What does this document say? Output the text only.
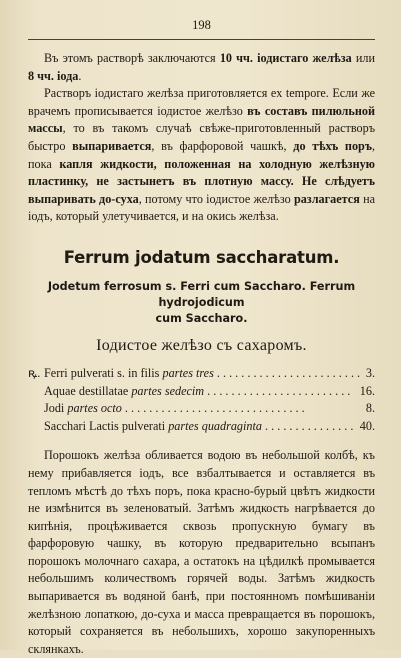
198

Въ этомъ растворѣ заключаются 10 чч. іодистаго желѣза или 8 чч. іода.

Растворъ іодистаго желѣза приготовляется ex tempore. Если же врачемъ прописывается іодистое желѣзо въ составъ пилюльной массы, то въ такомъ случаѣ свѣже-приготовленный растворъ быстро выпаривается, въ фарфоровой чашкѣ, до тѣхъ поръ, пока капля жидкости, положенная на холодную желѣзную пластинку, не застынетъ въ плотную массу. Не слѣдуетъ выпаривать до-суха, потому что іодистое желѣзо разлагается на іодъ, который улетучивается, и на окись желѣза.

Ferrum jodatum saccharatum.
Jodetum ferrosum s. Ferri cum Sacchаro. Ferrum hydrojodicum
cum Sacchаro.
Іодистое желѣзо съ сахаромъ.
ꝶ. Ferri pulverati s. in filis partes tres . . .	3.
Aquae destillatae partes sedecim . . .	16.
Jodi partes octo . . .	8.
Sacchari Lactis pulverati partes quadraginta . . .	40.

Порошокъ желѣза обливается водою въ небольшой колбѣ, къ нему прибавляется іодъ, все взбалтывается и оставляется въ тепломъ мѣстѣ до тѣхъ поръ, пока красно-бурый цвѣтъ жидкости не измѣнится въ зеленоватый. Затѣмъ жидкость нагрѣвается до кипѣнія, процѣживается сквозь пропускную бумагу въ фарфоровую чашку, въ которую предварительно всыпанъ порошокъ молочнаго сахара, а остатокъ на цѣдилкѣ промывается небольшимъ количествомъ горячей воды. Затѣмъ жидкость выпаривается въ водяной банѣ, при постоянномъ помѣшиваніи желѣзною лопаткою, до-суха и масса превращается въ порошокъ, который сохраняется въ небольшихъ, хорошо закупоренныхъ склянкахъ.
